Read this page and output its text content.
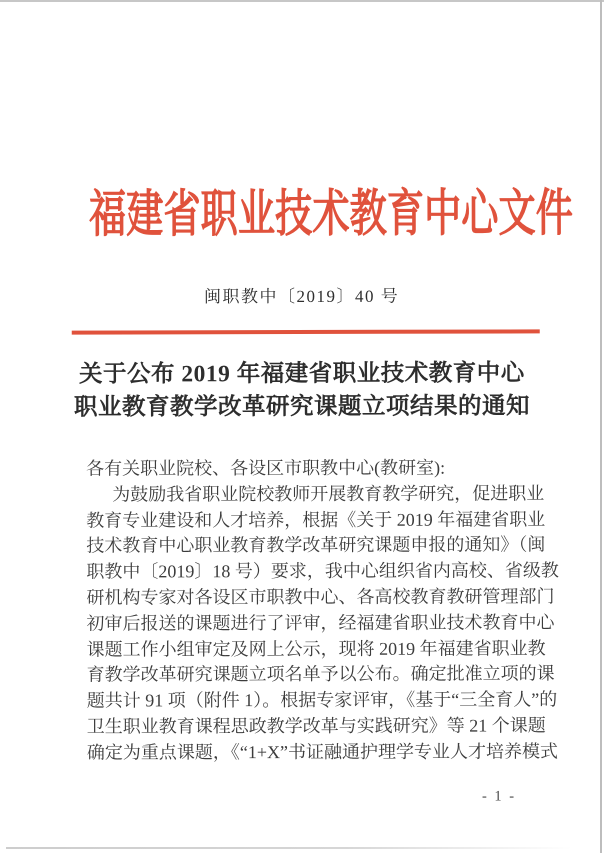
福建省职业技术教育中心文件
闽职教中〔2019〕40 号
关于公布 2019 年福建省职业技术教育中心
职业教育教学改革研究课题立项结果的通知
各有关职业院校、各设区市职教中心(教研室):
为鼓励我省职业院校教师开展教育教学研究，促进职业
教育专业建设和人才培养，根据《关于 2019 年福建省职业
技术教育中心职业教育教学改革研究课题申报的通知》（闽
职教中〔2019〕18 号）要求，我中心组织省内高校、省级教
研机构专家对各设区市职教中心、各高校教育教研管理部门
初审后报送的课题进行了评审，经福建省职业技术教育中心
课题工作小组审定及网上公示，现将 2019 年福建省职业教
育教学改革研究课题立项名单予以公布。确定批准立项的课
题共计 91 项（附件 1）。根据专家评审，《基于“三全育人”的
卫生职业教育课程思政教学改革与实践研究》等 21 个课题
确定为重点课题，《“1+X”书证融通护理学专业人才培养模式
- 1 -
